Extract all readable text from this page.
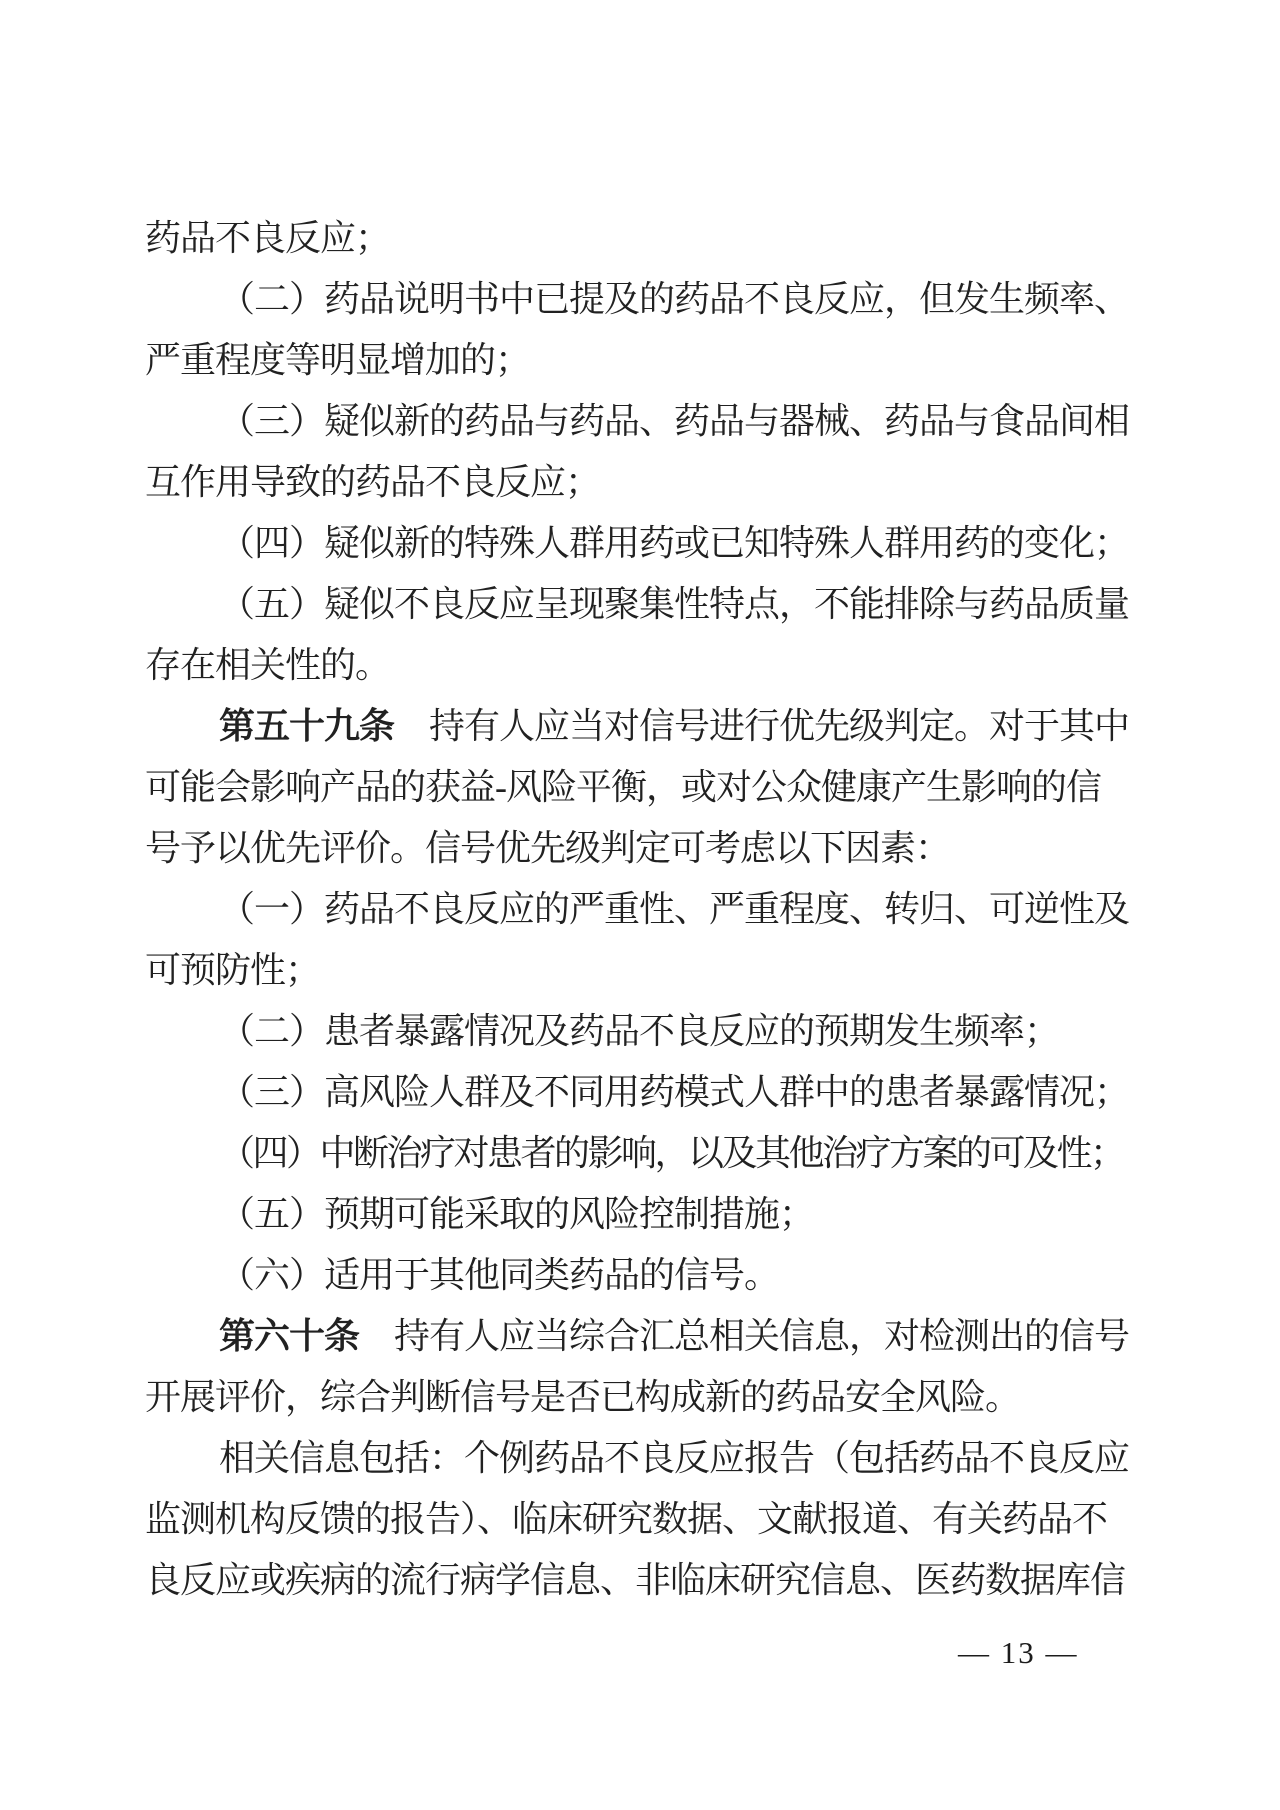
药品不良反应；
（二）药品说明书中已提及的药品不良反应，但发生频率、
严重程度等明显增加的；
（三）疑似新的药品与药品、药品与器械、药品与食品间相
互作用导致的药品不良反应；
（四）疑似新的特殊人群用药或已知特殊人群用药的变化；
（五）疑似不良反应呈现聚集性特点，不能排除与药品质量
存在相关性的。
第五十九条　持有人应当对信号进行优先级判定。对于其中
可能会影响产品的获益-风险平衡，或对公众健康产生影响的信
号予以优先评价。信号优先级判定可考虑以下因素：
（一）药品不良反应的严重性、严重程度、转归、可逆性及
可预防性；
（二）患者暴露情况及药品不良反应的预期发生频率；
（三）高风险人群及不同用药模式人群中的患者暴露情况；
（四）中断治疗对患者的影响，以及其他治疗方案的可及性；
（五）预期可能采取的风险控制措施；
（六）适用于其他同类药品的信号。
第六十条　持有人应当综合汇总相关信息，对检测出的信号
开展评价，综合判断信号是否已构成新的药品安全风险。
相关信息包括：个例药品不良反应报告（包括药品不良反应
监测机构反馈的报告）、临床研究数据、文献报道、有关药品不
良反应或疾病的流行病学信息、非临床研究信息、医药数据库信
— 13 —
